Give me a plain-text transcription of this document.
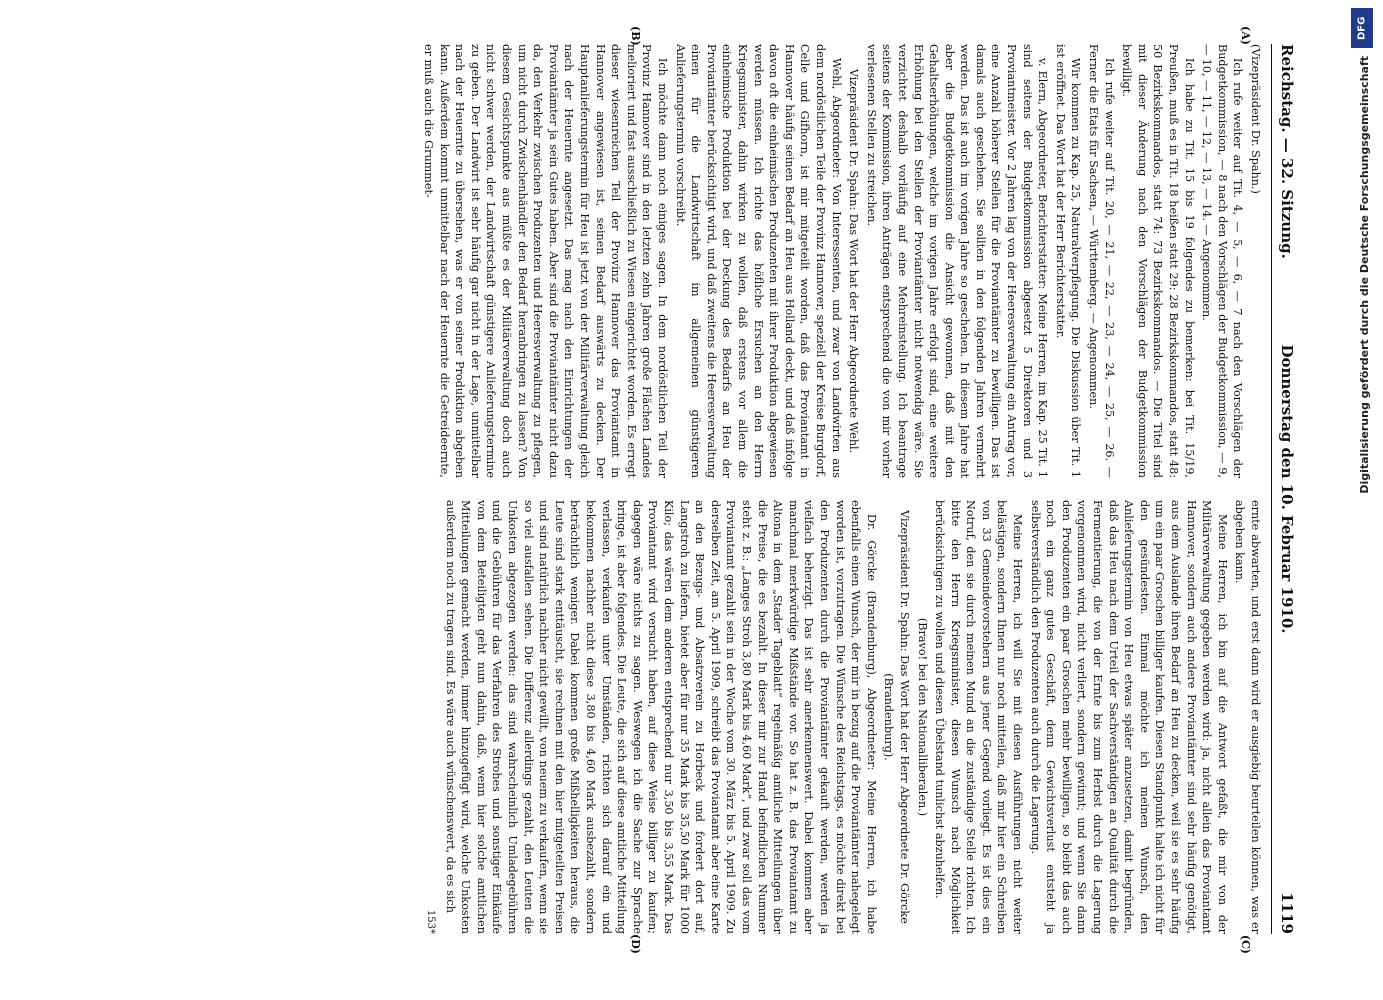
Reichstag. — 32. Sitzung.
Donnerstag den 10. Februar 1910.
1119
(A)
(B)

(Vizepräsident Dr. Spahn.)

Ich rufe weiter auf Tit. 4, — 5, — 6, — 7 nach den Vorschlägen der Budgetkommission, — 8 nach den Vorschlägen der Budgetkommission, — 9, — 10, — 11, — 12, — 13, — 14. — Angenommen.

Ich habe zu Tit. 15 bis 19 folgendes zu bemerken: bei Tit. 15/19, Preußen, muß es in Tit. 18 heißen statt 29: 28 Bezirkskommandos, statt 48: 50 Bezirkskommandos, statt 74: 73 Bezirkskommandos. — Die Titel sind mit dieser Änderung nach den Vorschlägen der Budgetkommission bewilligt.

Ich rufe weiter auf Tit. 20, — 21, — 22, — 23, — 24, — 25, — 26. — Ferner die Etats für Sachsen, — Württemberg. — Angenommen.

Wir kommen zu Kap. 25, Naturalverpflegung. Die Diskussion über Tit. 1 ist eröffnet. Das Wort hat der Herr Berichterstatter.

v. Elern, Abgeordneter, Berichterstatter: Meine Herren, im Kap. 25 Tit. 1 sind seitens der Budgetkommission abgesetzt 5 Direktoren und 3 Proviantmeister. Vor 2 Jahren lag von der Heeresverwaltung ein Antrag vor, eine Anzahl höherer Stellen für die Proviantämter zu bewilligen. Das ist damals auch geschehen. Sie sollten in den folgenden Jahren vermehrt werden. Das ist auch im vorigen Jahre so geschehen. In diesem Jahre hat aber die Budgetkommission die Ansicht gewonnen, daß mit den Gehaltserhöhungen, welche im vorigen Jahre erfolgt sind, eine weitere Erhöhung bei den Stellen der Proviantämter nicht notwendig wäre. Sie verzichtet deshalb vorläufig auf eine Mehreinstellung. Ich beantrage seitens der Kommission, ihren Anträgen entsprechend die von mir vorher verlesenen Stellen zu streichen.

Vizepräsident Dr. Spahn: Das Wort hat der Herr Abgeordnete Wehl.

Wehl, Abgeordneter: Von Interessenten, und zwar von Landwirten aus dem nordöstlichen Teile der Provinz Hannover, speziell der Kreise Burgdorf, Celle und Gifhorn, ist mir mitgeteilt worden, daß das Proviantamt in Hannover häufig seinen Bedarf an Heu aus Holland deckt, und daß infolge davon oft die einheimischen Produzenten mit ihrer Produktion abgewiesen werden müssen. Ich richte das höfliche Ersuchen an den Herrn Kriegsminister, dahin wirken zu wollen, daß erstens vor allem die einheimische Produktion bei der Deckung des Bedarfs an Heu der Proviantämter berücksichtigt wird, und daß zweitens die Heeresverwaltung einen für die Landwirtschaft im allgemeinen günstigeren Anlieferungstermin vorschreibt.

Ich möchte dann noch einiges sagen. In dem nordöstlichen Teil der Provinz Hannover sind in den letzten zehn Jahren große Flächen Landes melioriert und fast ausschließlich zu Wiesen eingerichtet worden. Es erregt dieser wiesenreichen Teil der Provinz Hannover das Proviantamt in Hannover angewiesen ist, seinen Bedarf auswärts zu decken. Der Hauptanlieferungstermin für Heu ist jetzt von der Militärverwaltung gleich nach der Heuernte angesetzt. Das mag nach den Einrichtungen der Proviantämter ja sein Gutes haben. Aber sind die Proviantämter nicht dazu da, den Verkehr zwischen Produzenten und Heeresverwaltung zu pflegen, um nicht durch Zwischenhändler den Bedarf heranbringen zu lassen? Von diesem Gesichtspunkte aus müßte es der Militärverwaltung doch auch nicht schwer werden, der Landwirtschaft günstigere Anlieferungstermine zu geben. Der Landwirt ist sehr häufig gar nicht in der Lage, unmittelbar nach der Heuernte zu übersehen, was er von seiner Produktion abgeben kann. Außerdem kommt unmittelbar nach der Heuernte die Getreideernte, er muß auch die Grummet-

(C)
(D)

ernte abwarten, und erst dann wird er ausgiebig beurteilen können, was er abgeben kann.

Meine Herren, ich bin auf die Antwort gefaßt, die mir von der Militärverwaltung gegeben werden wird: ja, nicht allein das Proviantamt Hannover, sondern auch andere Proviantämter sind sehr häufig genötigt, aus dem Auslande ihren Bedarf an Heu zu decken, weil sie es sehr häufig um ein paar Groschen billiger kaufen. Diesen Standpunkt halte ich nicht für den gesündesten. Einmal möchte ich meinen Wunsch, den Anlieferungstermin von Heu etwas später anzusetzen, damit begründen, daß das Heu nach dem Urteil der Sachverständigen an Qualität durch die Fermentierung, die von der Ernte bis zum Herbst durch die Lagerung vorgenommen wird, nicht verliert, sondern gewinnt; und wenn Sie dann den Produzenten ein paar Groschen mehr bewilligen, so bleibt das auch noch ein ganz gutes Geschäft, denn Gewichtsverlust entsteht ja selbstverständlich den Produzenten auch durch die Lagerung.

Meine Herren, ich will Sie mit diesen Ausführungen nicht weiter belästigen, sondern Ihnen nur noch mitteilen, daß mir hier ein Schreiben von 33 Gemeindevorstehern aus jener Gegend vorliegt. Es ist dies ein Notruf, den sie durch meinen Mund an die zuständige Stelle richten. Ich bitte den Herrn Kriegsminister, diesen Wunsch nach Möglichkeit berücksichtigen zu wollen und diesen Übelstand tunlichst abzuhelfen.

(Bravo! bei den Nationalliberalen.)

Vizepräsident Dr. Spahn: Das Wort hat der Herr Abgeordnete Dr. Görcke (Brandenburg).

Dr. Görcke (Brandenburg), Abgeordneter: Meine Herren, ich habe ebenfalls einen Wunsch, der mir in bezug auf die Proviantämter nahegelegt worden ist, vorzutragen. Die Wünsche des Reichstags, es möchte direkt bei den Produzenten durch die Proviantämter gekauft werden, werden ja vielfach beherzigt. Das ist sehr anerkennenswert. Dabei kommen aber manchmal merkwürdige Mißstände vor. So hat z. B. das Proviantamt zu Altona in dem „Stader Tageblatt“ regelmäßig amtliche Mitteilungen über die Preise, die es bezahlt. In dieser mir zur Hand befindlichen Nummer steht z. B.: „Langes Stroh 3,80 Mark bis 4,60 Mark“, und zwar soll das vom Proviantamt gezahlt sein in der Woche vom 30. März bis 5. April 1909. Zu derselben Zeit, am 5. April 1909, schreibt das Proviantamt aber eine Karte an den Bezugs- und Absatzverein zu Horbeck und fordert dort auf, Langstroh zu liefern, bietet aber für nur 35 Mark bis 35,50 Mark für 1000 Kilo; das wären dem anderen entsprechend nur 3,50 bis 3,55 Mark. Das Proviantamt wird versucht haben, auf diese Weise billiger zu kaufen; dagegen wäre nichts zu sagen. Weswegen ich die Sache zur Sprache bringe, ist aber folgendes. Die Leute, die sich auf diese amtliche Mitteilung verlassen, verkaufen unter Umständen, richten sich darauf ein und bekommen nachher nicht diese 3,80 bis 4,60 Mark ausbezahlt, sondern beträchtlich weniger. Dabei kommen große Mißhelligkeiten heraus, die Leute sind stark enttäuscht, sie rechnen mit den hier mitgeteilten Preisen und sind natürlich nachher nicht gewillt, von neuem zu verkaufen, wenn sie so viel ausfallen sehen. Die Differenz allerdings gezahlt, den Leuten die Unkosten abgezogen werden: das sind wahrscheinlich Umladegebühren und die Gebühren für das Verfahren des Strohes und sonstiger Einkäufe von dem Beteiligten geht nun dahin, daß, wenn hier solche amtlichen Mitteilungen gemacht werden, immer hinzugefügt wird, welche Unkosten außerdem noch zu tragen sind. Es wäre auch wünschenswert, da es sich

153*
DFG
Digitalisierung gefördert durch die Deutsche Forschungsgemeinschaft
